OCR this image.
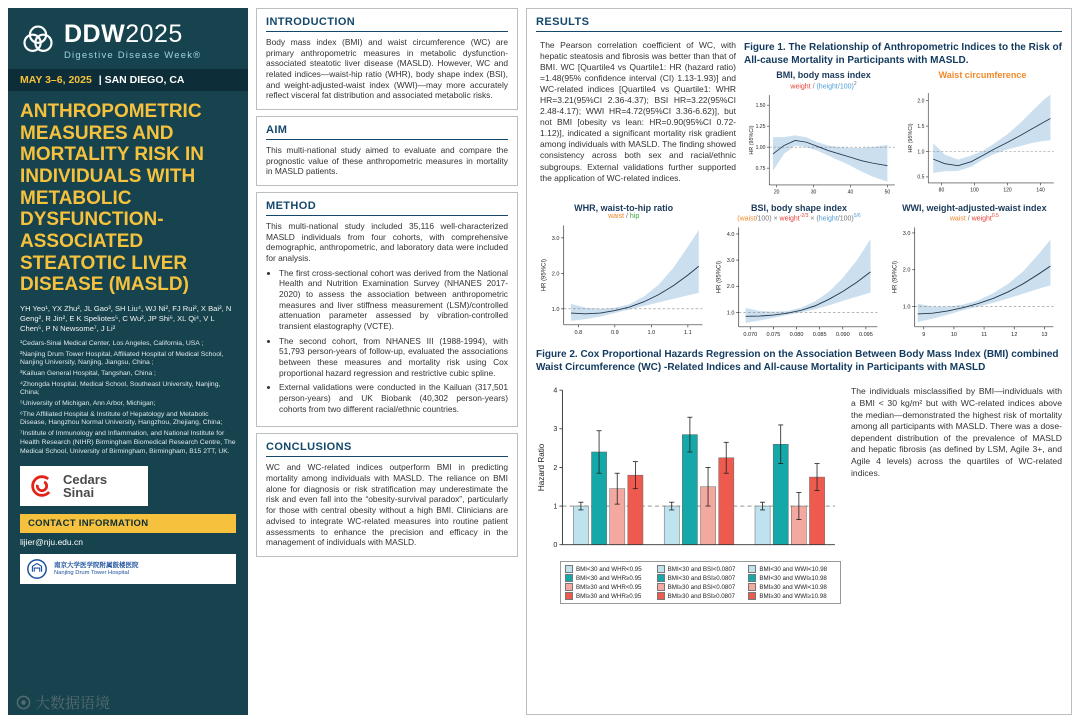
DDW2025
Digestive Disease Week®
MAY 3–6, 2025 | SAN DIEGO, CA
ANTHROPOMETRIC MEASURES AND MORTALITY RISK IN INDIVIDUALS WITH METABOLIC DYSFUNCTION-ASSOCIATED STEATOTIC LIVER DISEASE (MASLD)
YH Yeo¹, YX Zhu², JL Gao³, SH Liu⁴, WJ Ni², FJ Rui², X Bai², N Geng², R Jin², E K Speliotes⁵, C Wu², JP Shi⁶, XL Qi⁴, V L Chen⁵, P N Newsome⁷, J Li²
¹Cedars-Sinai Medical Center, Los Angeles, California, USA ;
²Nanjing Drum Tower Hospital, Affiliated Hospital of Medical School, Nanjing University, Nanjing, Jiangsu, China ;
³Kailuan General Hospital, Tangshan, China ;
⁴Zhongda Hospital, Medical School, Southeast University, Nanjing, China;
⁵University of Michigan, Ann Arbor, Michigan;
⁶The Affiliated Hospital & Institute of Hepatology and Metabolic Disease, Hangzhou Normal University, Hangzhou, Zhejiang, China;
⁷Institute of Immunology and Inflammation, and National Institute for Health Research (NIHR) Birmingham Biomedical Research Centre, The Medical School, University of Birmingham, Birmingham, B15 2TT, UK.
Cedars
Sinai
CONTACT INFORMATION
lijier@nju.edu.cn
南京大学医学院附属鼓楼医院
Nanjing Drum Tower Hospital
大数据语境
INTRODUCTION

Body mass index (BMI) and waist circumference (WC) are primary anthropometric measures in metabolic dysfunction-associated steatotic liver disease (MASLD). However, WC and related indices—waist-hip ratio (WHR), body shape index (BSI), and weight-adjusted-waist index (WWI)—may more accurately reflect visceral fat distribution and associated metabolic risks.

AIM

This multi-national study aimed to evaluate and compare the prognostic value of these anthropometric measures in mortality in MASLD patients.

METHOD

This multi-national study included 35,116 well-characterized MASLD individuals from four cohorts, with comprehensive demographic, anthropometric, and laboratory data were included for analysis.

• The first cross-sectional cohort was derived from the National Health and Nutrition Examination Survey (NHANES 2017-2020) to assess the association between anthropometric measures and liver stiffness measurement (LSM)/controlled attenuation parameter assessed by vibration-controlled transient elastography (VCTE).
• The second cohort, from NHANES III (1988-1994), with 51,793 person-years of follow-up, evaluated the associations between these measures and mortality risk using Cox proportional hazard regression and restrictive cubic spline.
• External validations were conducted in the Kailuan (317,501 person-years) and UK Biobank (40,302 person-years) cohorts from two different racial/ethnic countries.
CONCLUSIONS

WC and WC-related indices outperform BMI in predicting mortality among individuals with MASLD. The reliance on BMI alone for diagnosis or risk stratification may underestimate the risk and even fall into the “obesity-survival paradox”, particularly for those with central obesity without a high BMI. Clinicians are advised to integrate WC-related measures into routine patient assessments to enhance the precision and efficacy in the management of individuals with MASLD.

RESULTS

The Pearson correlation coefficient of WC, with hepatic steatosis and fibrosis was better than that of BMI. WC [Quartile4 vs Quartile1: HR (hazard ratio) =1.48(95% confidence interval (CI) 1.13-1.93)] and WC-related indices [Quartile4 vs Quartile1: WHR HR=3.21(95%CI 2.36-4.37); BSI HR=3.22(95%CI 2.48-4.17); WWI HR=4.72(95%CI 3.36-6.62)], but not BMI [obesity vs lean: HR=0.90(95%CI 0.72-1.12)], indicated a significant mortality risk gradient among individuals with MASLD. The finding showed consistency across both sex and racial/ethnic subgroups. External validations further supported the application of WC-related indices.

Figure 1. The Relationship of Anthropometric Indices to the Risk of All-cause Mortality in Participants with MASLD.
BMI, body mass index
weight / (height/100)$^2$
20	30	40	50
0.75
1.00
1.25
1.50
HR (95%CI)
Waist circumference

80	100	120	140
0.5
1.0
1.5
2.0
HR (95%CI)
WHR, waist-to-hip ratio
waist / hip
0.8	0.9	1.0	1.1
1.0
2.0
3.0
HR (95%CI)
BSI, body shape index
(waist/100) × weight$^{-2/3}$ × (height/100)$^{5/6}$
0.070 0.075 0.080 0.085 0.090 0.095
1.0
2.0
3.0
4.0
HR (95%CI)
WWI, weight-adjusted-waist index
waist / weight$^{0.5}$
9	10	11	12	13
1.0
2.0
3.0
HR (95%CI)
Figure 2. Cox Proportional Hazards Regression on the Association Between Body Mass Index (BMI) combined Waist Circumference (WC) -Related Indices and All-cause Mortality in Participants with MASLD
0
1
2
3
4
Hazard Ratio
BMI<30 and WHR<0.95	BMI<30 and BSI<0.0807	BMI<30 and WWI<10.98
BMI<30 and WHR≥0.95	BMI<30 and BSI≥0.0807	BMI<30 and WWI≥10.98
BMI≥30 and WHR<0.95	BMI≥30 and BSI<0.0807	BMI≥30 and WWI<10.98
BMI≥30 and WHR≥0.95	BMI≥30 and BSI≥0.0807	BMI≥30 and WWI≥10.98

The individuals misclassified by BMI—individuals with a BMI < 30 kg/m² but with WC-related indices above the median—demonstrated the highest risk of mortality among all participants with MASLD. There was a dose-dependent distribution of the prevalence of MASLD and hepatic fibrosis (as defined by LSM, Agile 3+, and Agile 4 levels) across the quartiles of WC-related indices.
